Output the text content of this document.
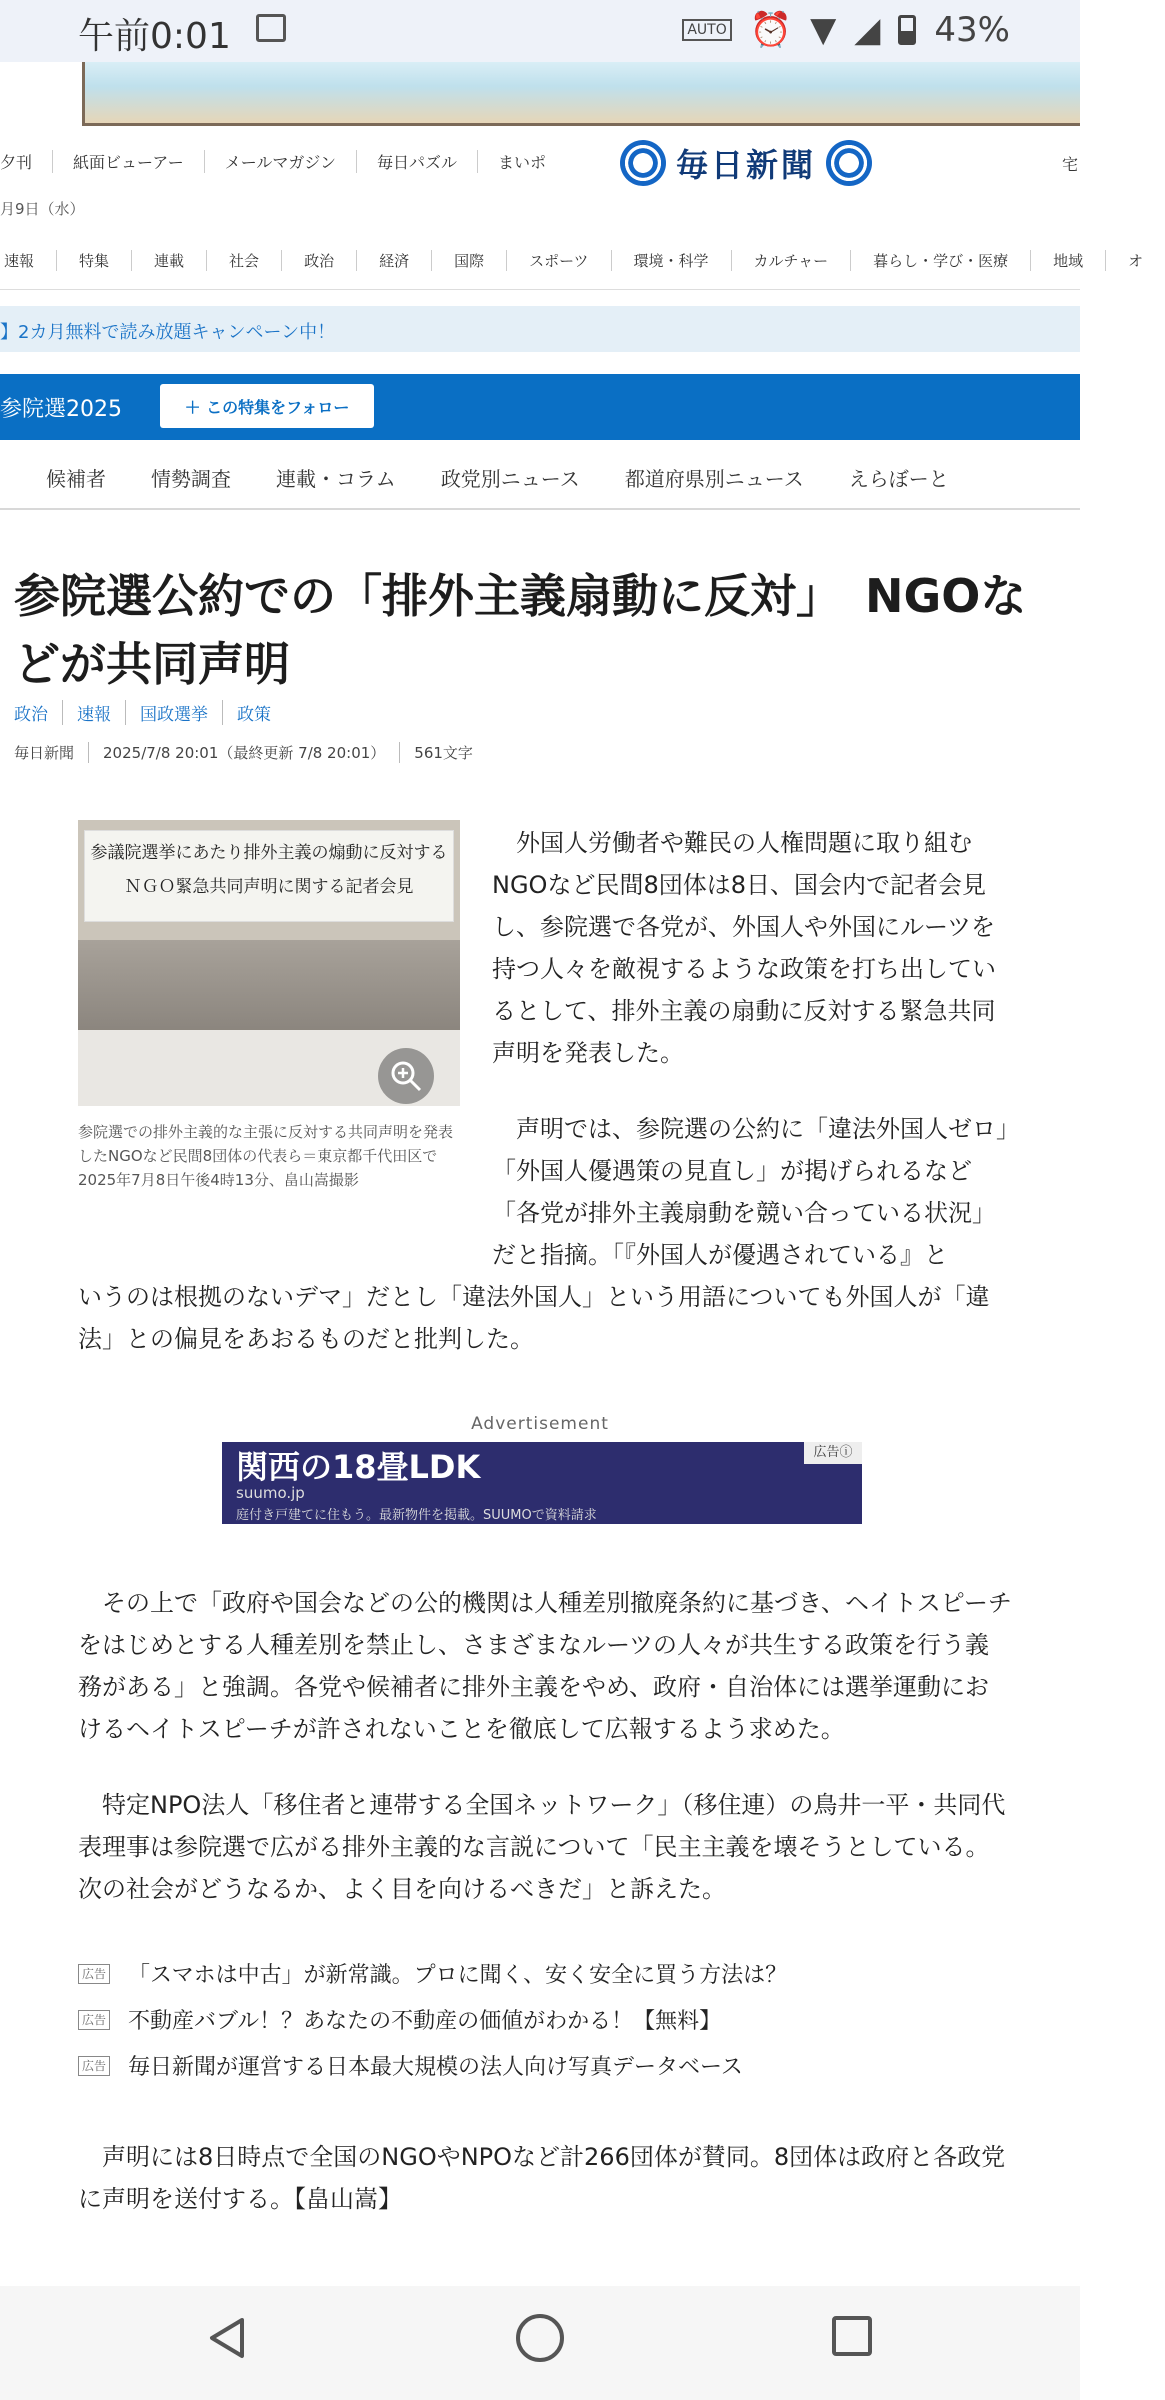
午前0:01	AUTO ⏰ ▼ ◢ 43%
夕刊	紙面ビューアー	メールマガジン	毎日パズル	まいポ
月9日（水）
毎日新聞	宅
速報	特集	連載	社会	政治	経済	国際	スポーツ	環境・科学	カルチャー	暮らし・学び・医療	地域	オ
】2カ月無料で読み放題キャンペーン中！
参院選2025	＋ この特集をフォロー
候補者 情勢調査 連載・コラム 政党別ニュース 都道府県別ニュース えらぼーと
参院選公約での「排外主義扇動に反対」　NGOなどが共同声明
政治	速報	国政選挙	政策
毎日新聞	2025/7/8 20:01（最終更新 7/8 20:01）	561文字
参議院選挙にあたり排外主義の煽動に反対する
ＮＧＯ緊急共同声明に関する記者会見
参院選での排外主義的な主張に反対する共同声明を発表したNGOなど民間8団体の代表ら＝東京都千代田区で2025年7月8日午後4時13分、畠山嵩撮影

外国人労働者や難民の人権問題に取り組むNGOなど民間8団体は8日、国会内で記者会見し、参院選で各党が、外国人や外国にルーツを持つ人々を敵視するような政策を打ち出しているとして、排外主義の扇動に反対する緊急共同声明を発表した。

声明では、参院選の公約に「違法外国人ゼロ」「外国人優遇策の見直し」が掲げられるなど「各党が排外主義扇動を競い合っている状況」だと指摘。「『外国人が優遇されている』と

いうのは根拠のないデマ」だとし「違法外国人」という用語についても外国人が「違法」との偏見をあおるものだと批判した。

Advertisement
関西の18畳LDK
suumo.jp
庭付き戸建てに住もう。最新物件を掲載。SUUMOで資料請求
広告ⓘ

その上で「政府や国会などの公的機関は人種差別撤廃条約に基づき、ヘイトスピーチをはじめとする人種差別を禁止し、さまざまなルーツの人々が共生する政策を行う義務がある」と強調。各党や候補者に排外主義をやめ、政府・自治体には選挙運動におけるヘイトスピーチが許されないことを徹底して広報するよう求めた。

特定NPO法人「移住者と連帯する全国ネットワーク」（移住連）の鳥井一平・共同代表理事は参院選で広がる排外主義的な言説について「民主主義を壊そうとしている。次の社会がどうなるか、よく目を向けるべきだ」と訴えた。

広告 「スマホは中古」が新常識。プロに聞く、安く安全に買う方法は？
広告 不動産バブル！？あなたの不動産の価値がわかる！【無料】
広告 毎日新聞が運営する日本最大規模の法人向け写真データベース

声明には8日時点で全国のNGOやNPOなど計266団体が賛同。8団体は政府と各政党に声明を送付する。【畠山嵩】
